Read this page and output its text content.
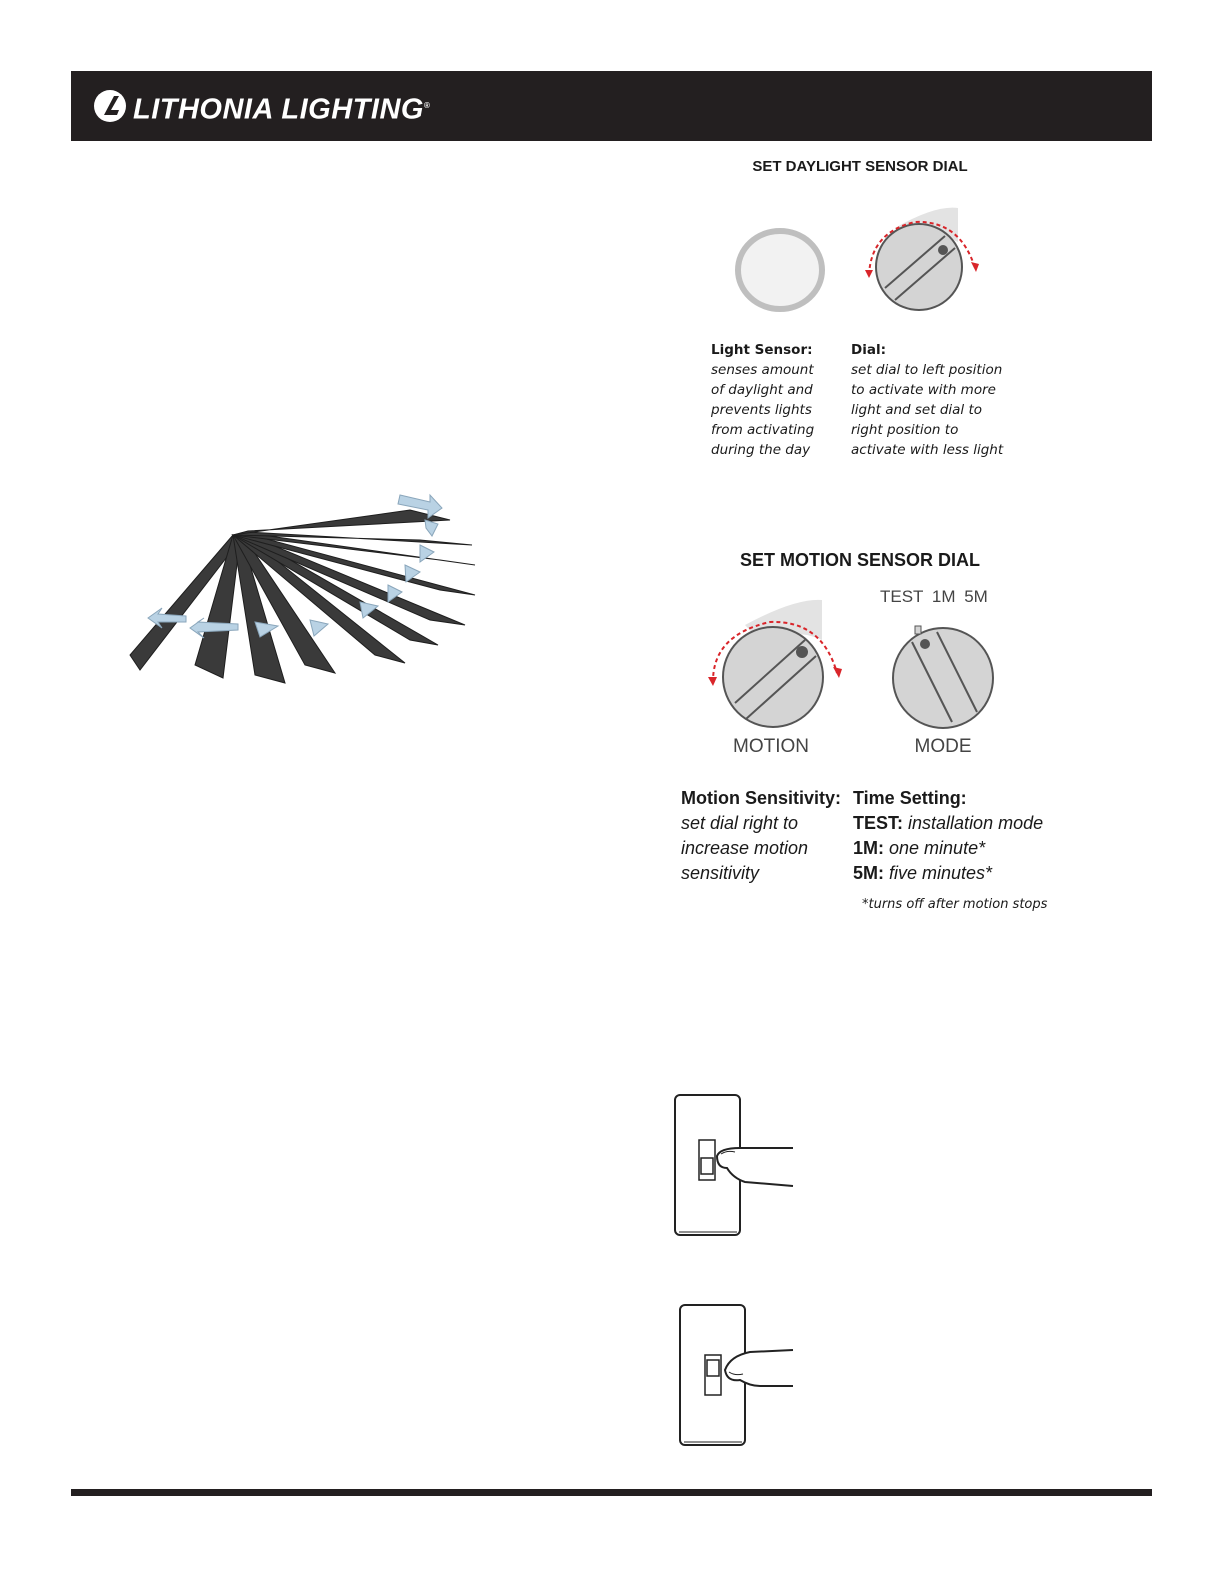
LITHONIA LIGHTING®
SET DAYLIGHT SENSOR DIAL
Light Sensor:
senses amount
of daylight and
prevents lights
from activating
during the day
Dial:
set dial to left position
to activate with more
light and set dial to
right position to
activate with less light
SET MOTION SENSOR DIAL
TEST 1M 5M
MOTION	MODE
Motion Sensitivity:
set dial right to
increase motion
sensitivity
Time Setting:
TEST: installation mode
1M: one minute*
5M: five minutes*
*turns off after motion stops
